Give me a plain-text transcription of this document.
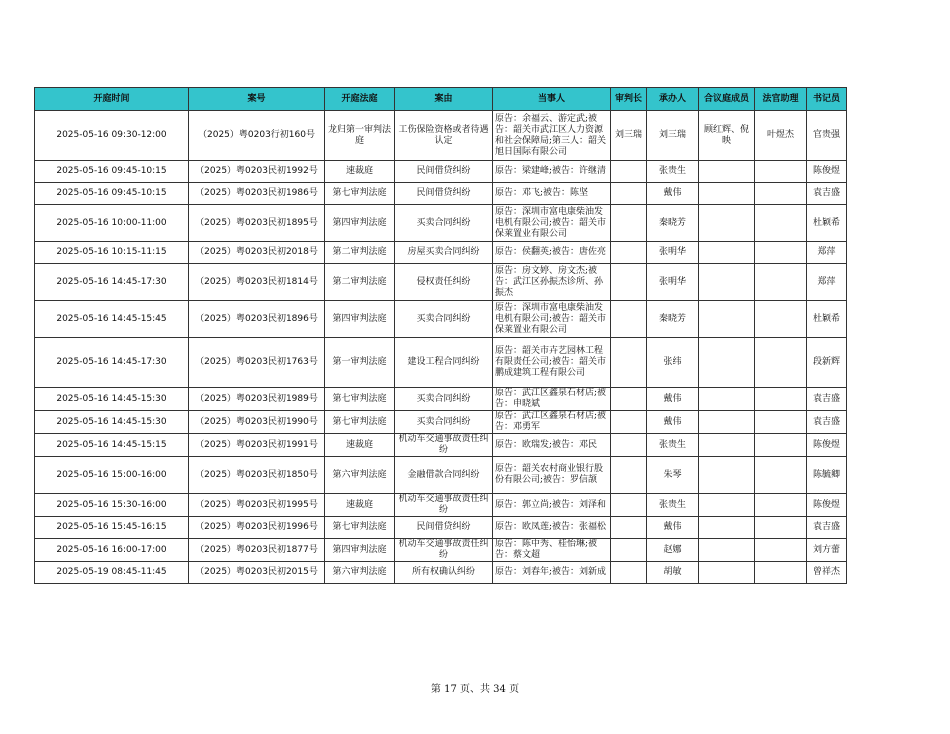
开庭时间	案号	开庭法庭	案由	当事人	审判长	承办人	合议庭成员	法官助理	书记员
2025-05-16 09:30-12:00	（2025）粤0203行初160号	龙归第一审判法庭	工伤保险资格或者待遇认定	原告：余福云、游定武;被告：韶关市武江区人力资源和社会保障局;第三人：韶关旭日国际有限公司	刘三瑞	刘三瑞	顾红辉、倪映	叶煜杰	官贵强
2025-05-16 09:45-10:15	（2025）粤0203民初1992号	速裁庭	民间借贷纠纷	原告：梁建峰;被告：许继清		张贵生			陈俊煜
2025-05-16 09:45-10:15	（2025）粤0203民初1986号	第七审判法庭	民间借贷纠纷	原告：邓飞;被告：陈坚		戴伟			袁吉盛
2025-05-16 10:00-11:00	（2025）粤0203民初1895号	第四审判法庭	买卖合同纠纷	原告：深圳市富电康柴油发电机有限公司;被告：韶关市保莱置业有限公司		秦晓芳			杜颖希
2025-05-16 10:15-11:15	（2025）粤0203民初2018号	第二审判法庭	房屋买卖合同纠纷	原告：侯翻英;被告：唐佐亮		张明华			郑萍
2025-05-16 14:45-17:30	（2025）粤0203民初1814号	第二审判法庭	侵权责任纠纷	原告：房文婷、房文杰;被告：武江区孙振杰诊所、孙振杰		张明华			郑萍
2025-05-16 14:45-15:45	（2025）粤0203民初1896号	第四审判法庭	买卖合同纠纷	原告：深圳市富电康柴油发电机有限公司;被告：韶关市保莱置业有限公司		秦晓芳			杜颖希
2025-05-16 14:45-17:30	（2025）粤0203民初1763号	第一审判法庭	建设工程合同纠纷	原告：韶关市卉艺园林工程有限责任公司;被告：韶关市鹏成建筑工程有限公司		张纬			段新辉
2025-05-16 14:45-15:30	（2025）粤0203民初1989号	第七审判法庭	买卖合同纠纷	原告：武江区鑫泉石材店;被告：申晓斌		戴伟			袁吉盛
2025-05-16 14:45-15:30	（2025）粤0203民初1990号	第七审判法庭	买卖合同纠纷	原告：武江区鑫泉石材店;被告：邓勇军		戴伟			袁吉盛
2025-05-16 14:45-15:15	（2025）粤0203民初1991号	速裁庭	机动车交通事故责任纠纷	原告：欧瑞发;被告：邓民		张贵生			陈俊煜
2025-05-16 15:00-16:00	（2025）粤0203民初1850号	第六审判法庭	金融借款合同纠纷	原告：韶关农村商业银行股份有限公司;被告：罗信颉		朱琴			陈毓卿
2025-05-16 15:30-16:00	（2025）粤0203民初1995号	速裁庭	机动车交通事故责任纠纷	原告：郭立尚;被告：刘泽和		张贵生			陈俊煜
2025-05-16 15:45-16:15	（2025）粤0203民初1996号	第七审判法庭	民间借贷纠纷	原告：欧凤莲;被告：张福松		戴伟			袁吉盛
2025-05-16 16:00-17:00	（2025）粤0203民初1877号	第四审判法庭	机动车交通事故责任纠纷	原告：陈中秀、桂怡琳;被告：蔡文超		赵娜			刘方蕾
2025-05-19 08:45-11:45	（2025）粤0203民初2015号	第六审判法庭	所有权确认纠纷	原告：刘春年;被告：刘新成		胡敏			曾祥杰
第 17 页、共 34 页
